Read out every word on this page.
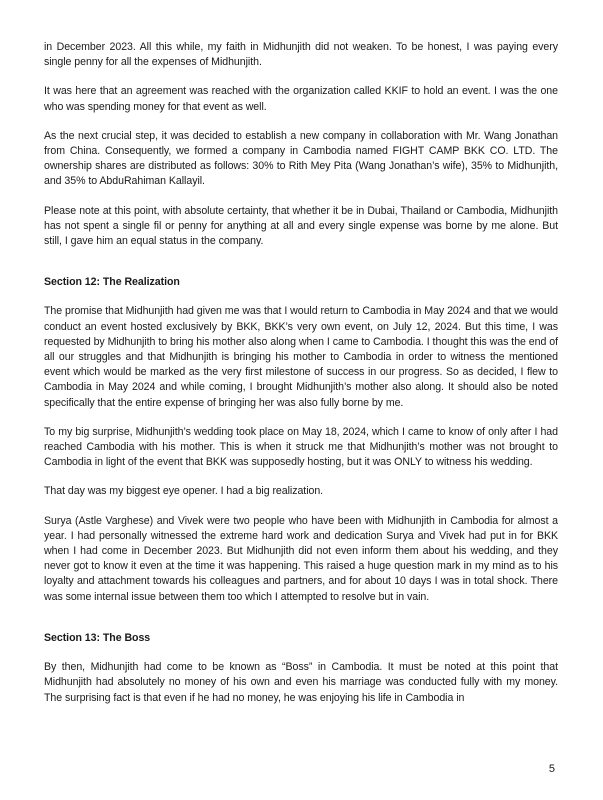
in December 2023. All this while, my faith in Midhunjith did not weaken. To be honest, I was paying every single penny for all the expenses of Midhunjith.

It was here that an agreement was reached with the organization called KKIF to hold an event. I was the one who was spending money for that event as well.

As the next crucial step, it was decided to establish a new company in collaboration with Mr. Wang Jonathan from China. Consequently, we formed a company in Cambodia named FIGHT CAMP BKK CO. LTD. The ownership shares are distributed as follows: 30% to Rith Mey Pita (Wang Jonathan’s wife), 35% to Midhunjith, and 35% to AbduRahiman Kallayil.

Please note at this point, with absolute certainty, that whether it be in Dubai, Thailand or Cambodia, Midhunjith has not spent a single fil or penny for anything at all and every single expense was borne by me alone. But still, I gave him an equal status in the company.

Section 12: The Realization

The promise that Midhunjith had given me was that I would return to Cambodia in May 2024 and that we would conduct an event hosted exclusively by BKK, BKK’s very own event, on July 12, 2024. But this time, I was requested by Midhunjith to bring his mother also along when I came to Cambodia. I thought this was the end of all our struggles and that Midhunjith is bringing his mother to Cambodia in order to witness the mentioned event which would be marked as the very first milestone of success in our progress. So as decided, I flew to Cambodia in May 2024 and while coming, I brought Midhunjith’s mother also along. It should also be noted specifically that the entire expense of bringing her was also fully borne by me.

To my big surprise, Midhunjith’s wedding took place on May 18, 2024, which I came to know of only after I had reached Cambodia with his mother. This is when it struck me that Midhunjith’s mother was not brought to Cambodia in light of the event that BKK was supposedly hosting, but it was ONLY to witness his wedding.

That day was my biggest eye opener. I had a big realization.

Surya (Astle Varghese) and Vivek were two people who have been with Midhunjith in Cambodia for almost a year. I had personally witnessed the extreme hard work and dedication Surya and Vivek had put in for BKK when I had come in December 2023. But Midhunjith did not even inform them about his wedding, and they never got to know it even at the time it was happening. This raised a huge question mark in my mind as to his loyalty and attachment towards his colleagues and partners, and for about 10 days I was in total shock. There was some internal issue between them too which I attempted to resolve but in vain.

Section 13: The Boss

By then, Midhunjith had come to be known as “Boss” in Cambodia. It must be noted at this point that Midhunjith had absolutely no money of his own and even his marriage was conducted fully with my money. The surprising fact is that even if he had no money, he was enjoying his life in Cambodia in

5
